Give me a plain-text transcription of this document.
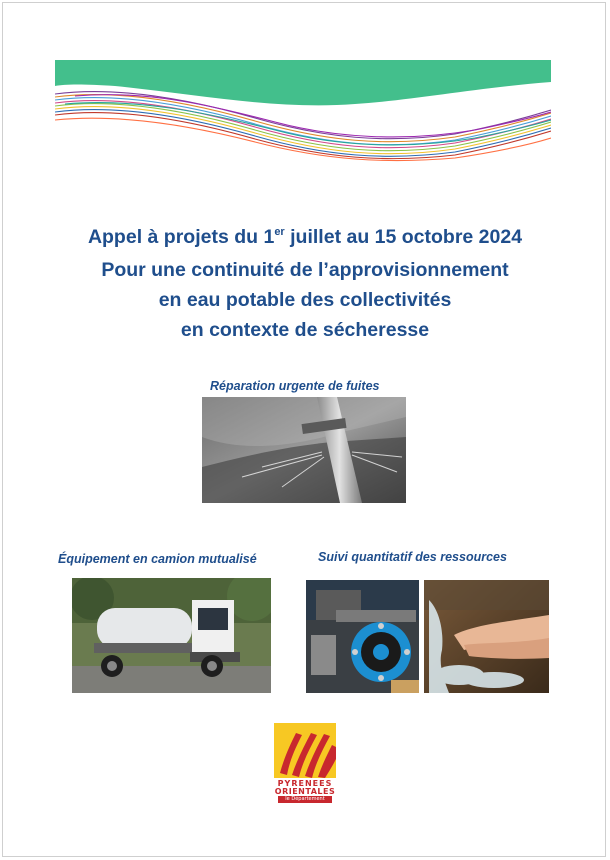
Appel à projets du 1er juillet au 15 octobre 2024
Pour une continuité de l’approvisionnement
en eau potable des collectivités
en contexte de sécheresse
Réparation urgente de fuites
Équipement en camion mutualisé	Suivi quantitatif des ressources
PYRENEES
ORIENTALES
le Département
